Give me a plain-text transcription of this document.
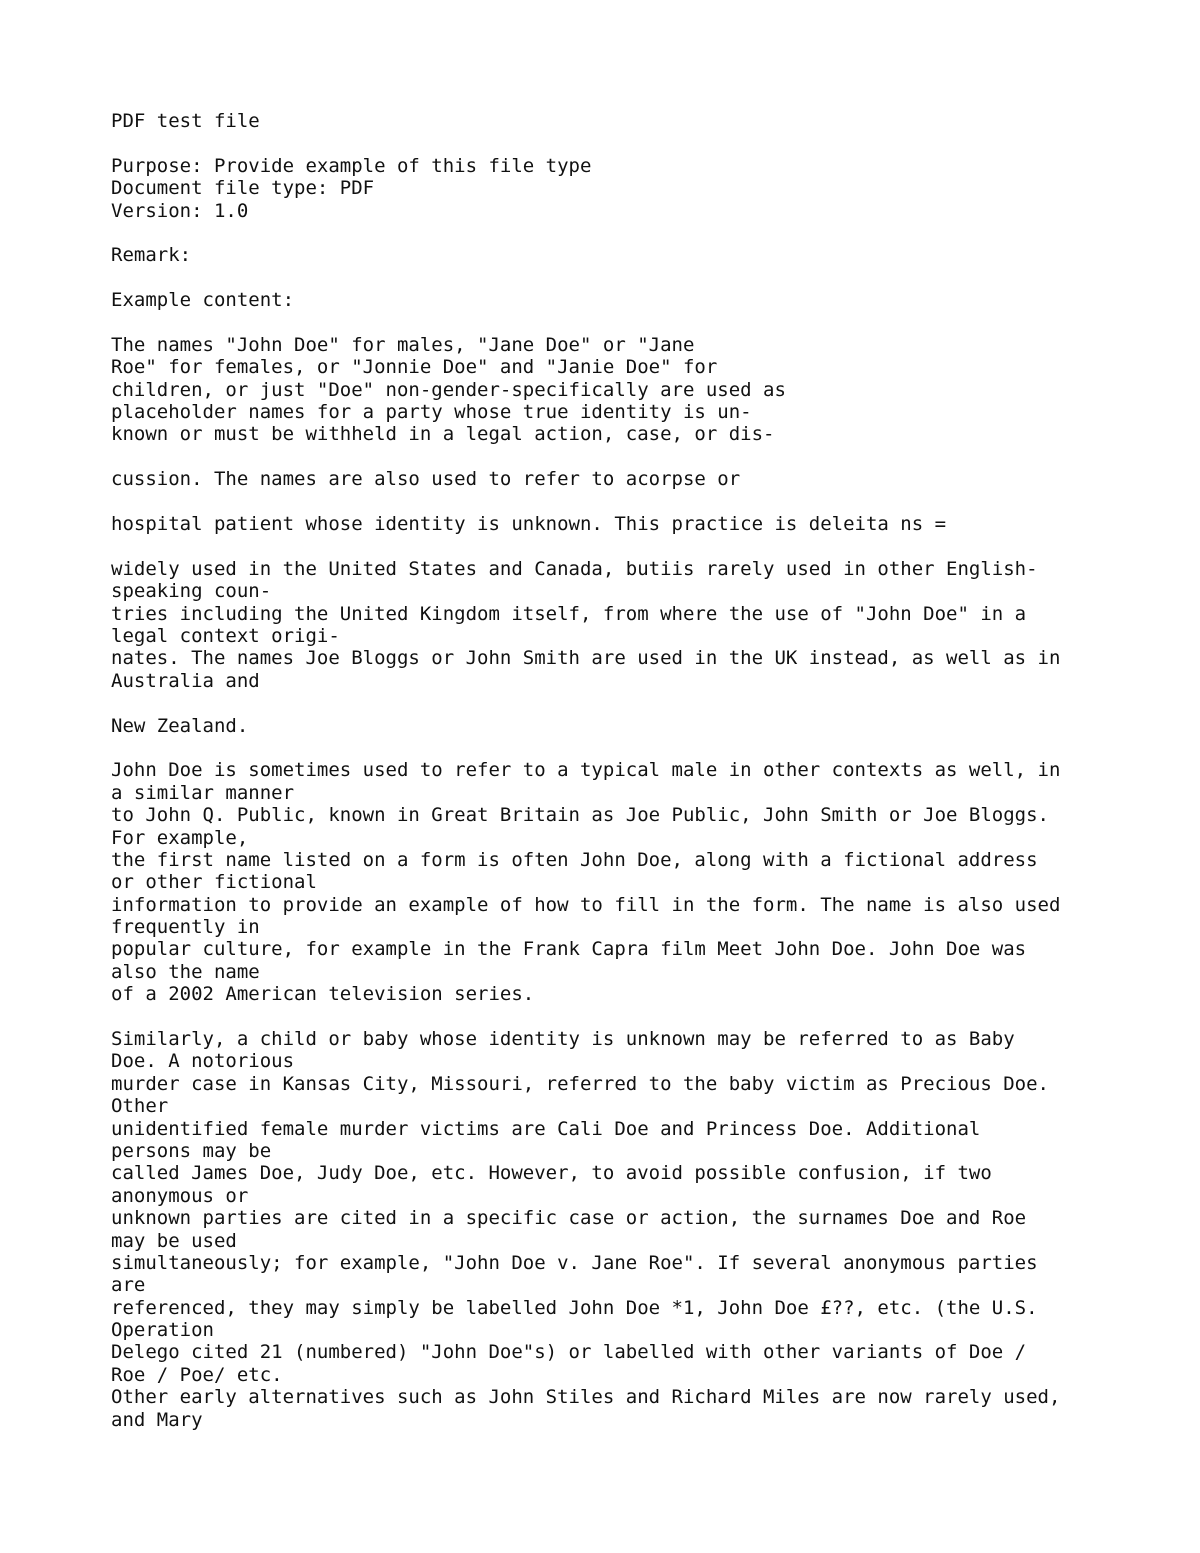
PDF test file
Purpose: Provide example of this file type
Document file type: PDF
Version: 1.0
Remark:
Example content:
The names "John Doe" for males, "Jane Doe" or "Jane
Roe" for females, or "Jonnie Doe" and "Janie Doe" for
children, or just "Doe" non-gender-specifically are used as
placeholder names for a party whose true identity is un-
known or must be withheld in a legal action, case, or dis-
cussion. The names are also used to refer to acorpse or
hospital patient whose identity is unknown. This practice is deleita ns =
widely used in the United States and Canada, butiis rarely used in other English-
speaking coun-
tries including the United Kingdom itself, from where the use of "John Doe" in a
legal context origi-
nates. The names Joe Bloggs or John Smith are used in the UK instead, as well as in
Australia and
New Zealand.
John Doe is sometimes used to refer to a typical male in other contexts as well, in
a similar manner
to John Q. Public, known in Great Britain as Joe Public, John Smith or Joe Bloggs.
For example,
the first name listed on a form is often John Doe, along with a fictional address
or other fictional
information to provide an example of how to fill in the form. The name is also used
frequently in
popular culture, for example in the Frank Capra film Meet John Doe. John Doe was
also the name
of a 2002 American television series.
Similarly, a child or baby whose identity is unknown may be referred to as Baby
Doe. A notorious
murder case in Kansas City, Missouri, referred to the baby victim as Precious Doe.
Other
unidentified female murder victims are Cali Doe and Princess Doe. Additional
persons may be
called James Doe, Judy Doe, etc. However, to avoid possible confusion, if two
anonymous or
unknown parties are cited in a specific case or action, the surnames Doe and Roe
may be used
simultaneously; for example, "John Doe v. Jane Roe". If several anonymous parties
are
referenced, they may simply be labelled John Doe *1, John Doe £??, etc. (the U.S.
Operation
Delego cited 21 (numbered) "John Doe"s) or labelled with other variants of Doe /
Roe / Poe/ etc.
Other early alternatives such as John Stiles and Richard Miles are now rarely used,
and Mary
